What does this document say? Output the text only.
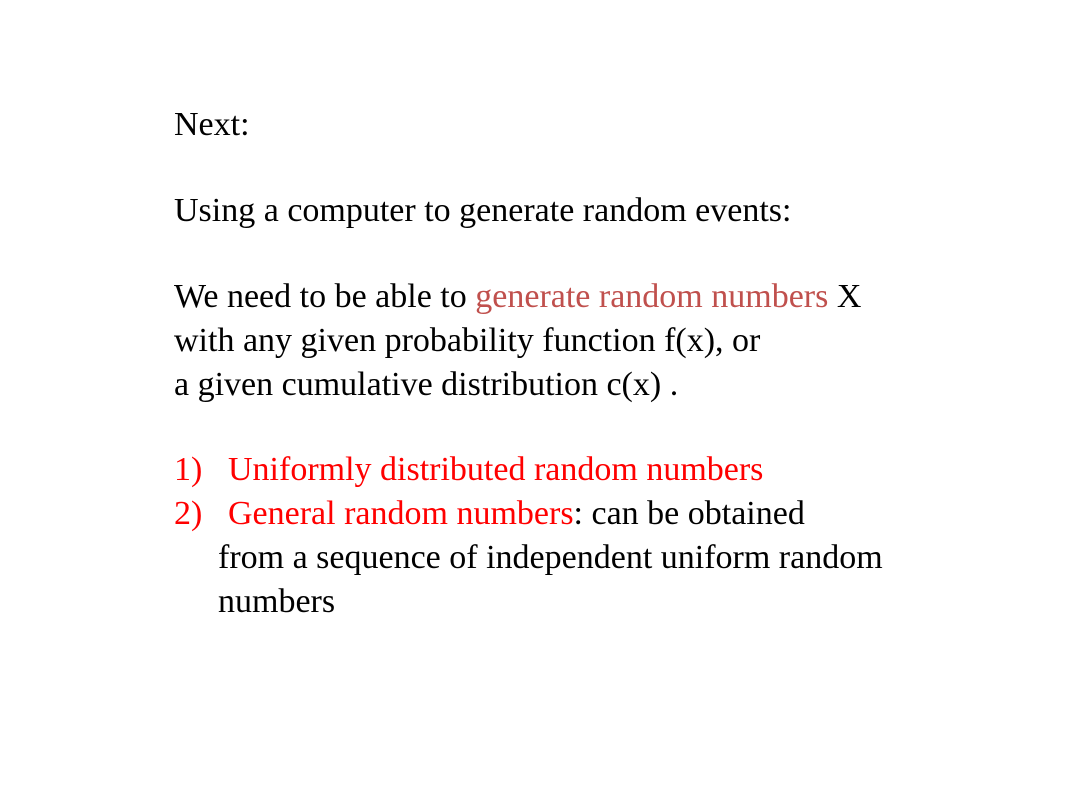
Next:
Using a computer to generate random events:
We need to be able to generate random numbers X
with any given probability function f(x), or
a given cumulative distribution c(x) .
1) Uniformly distributed random numbers
2) General random numbers: can be obtained
from a sequence of independent uniform random
numbers
